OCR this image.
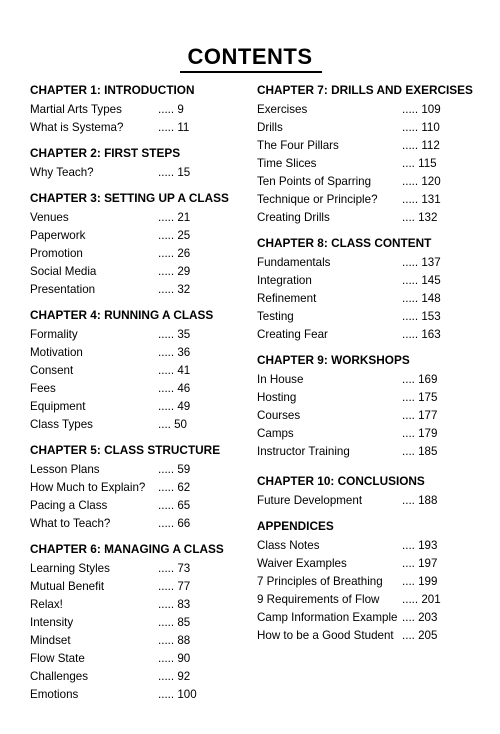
CONTENTS
CHAPTER 1: INTRODUCTION
Martial Arts Types	..... 9
What is Systema?	..... 11
CHAPTER 2: FIRST STEPS
Why Teach?	..... 15
CHAPTER 3: SETTING UP A CLASS
Venues	..... 21
Paperwork	..... 25
Promotion	..... 26
Social Media	..... 29
Presentation	..... 32
CHAPTER 4: RUNNING A CLASS
Formality	..... 35
Motivation	..... 36
Consent	..... 41
Fees	..... 46
Equipment	..... 49
Class Types	.... 50
CHAPTER 5: CLASS STRUCTURE
Lesson Plans	..... 59
How Much to Explain? ..... 62
Pacing a Class	..... 65
What to Teach?	..... 66
CHAPTER 6: MANAGING A CLASS
Learning Styles	..... 73
Mutual Benefit	..... 77
Relax!	..... 83
Intensity	..... 85
Mindset	..... 88
Flow State	..... 90
Challenges	..... 92
Emotions	..... 100
CHAPTER 7: DRILLS AND EXERCISES
Exercises	..... 109
Drills	..... 110
The Four Pillars	..... 112
Time Slices	.... 115
Ten Points of Sparring	..... 120
Technique or Principle? ..... 131
Creating Drills	.... 132
CHAPTER 8: CLASS CONTENT
Fundamentals	..... 137
Integration	..... 145
Refinement	..... 148
Testing	..... 153
Creating Fear	..... 163
CHAPTER 9: WORKSHOPS
In House	.... 169
Hosting	.... 175
Courses	.... 177
Camps	.... 179
Instructor Training	.... 185
CHAPTER 10: CONCLUSIONS
Future Development	.... 188
APPENDICES
Class Notes	.... 193
Waiver Examples	.... 197
7 Principles of Breathing .... 199
9 Requirements of Flow ..... 201
Camp Information Example .... 203
How to be a Good Student .... 205
